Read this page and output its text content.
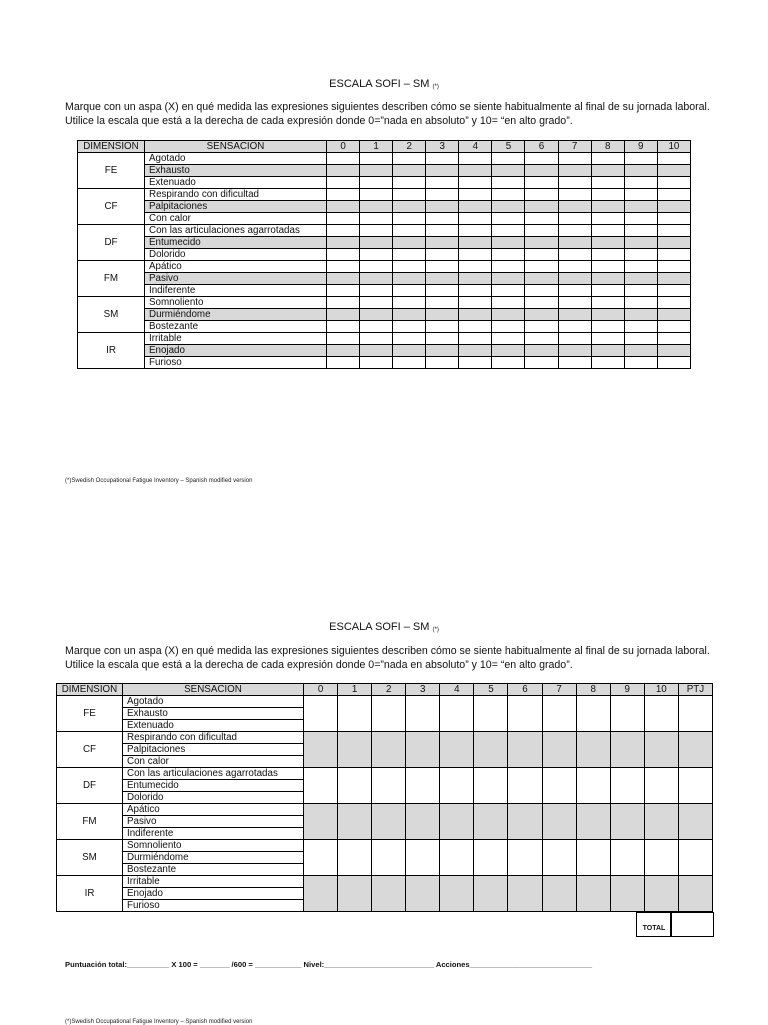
ESCALA SOFI – SM (*)
Marque con un aspa (X) en qué medida las expresiones siguientes describen cómo se siente habitualmente al final de su jornada laboral. Utilice la escala que está a la derecha de cada expresión donde 0=”nada en absoluto” y 10= “en alto grado”.
DIMENSION	SENSACION	0	1	2	3	4	5	6	7	8	9	10
FE	Agotado											
	Exhausto											
	Extenuado											
CF	Respirando con dificultad											
	Palpitaciones											
	Con calor											
DF	Con las articulaciones agarrotadas											
	Entumecido											
	Dolorido											
FM	Apático											
	Pasivo											
	Indiferente											
SM	Somnoliento											
	Durmiéndome											
	Bostezante											
IR	Irritable											
	Enojado											
	Furioso											
(*)Swedish Occupational Fatigue Inventory – Spanish modified version
ESCALA SOFI – SM (*)
Marque con un aspa (X) en qué medida las expresiones siguientes describen cómo se siente habitualmente al final de su jornada laboral. Utilice la escala que está a la derecha de cada expresión donde 0=”nada en absoluto” y 10= “en alto grado”.
DIMENSION	SENSACION	0	1	2	3	4	5	6	7	8	9	10	PTJ
FE	Agotado												
	Exhausto												
	Extenuado												
CF	Respirando con dificultad												
	Palpitaciones												
	Con calor												
DF	Con las articulaciones agarrotadas												
	Entumecido												
	Dolorido												
FM	Apático												
	Pasivo												
	Indiferente												
SM	Somnoliento												
	Durmiéndome												
	Bostezante												
IR	Irritable												
	Enojado												
	Furioso												
TOTAL
Puntuación total:__________ X 100 = _______ /600 = ___________ Nivel:__________________________ Acciones_____________________________
(*)Swedish Occupational Fatigue Inventory – Spanish modified version
